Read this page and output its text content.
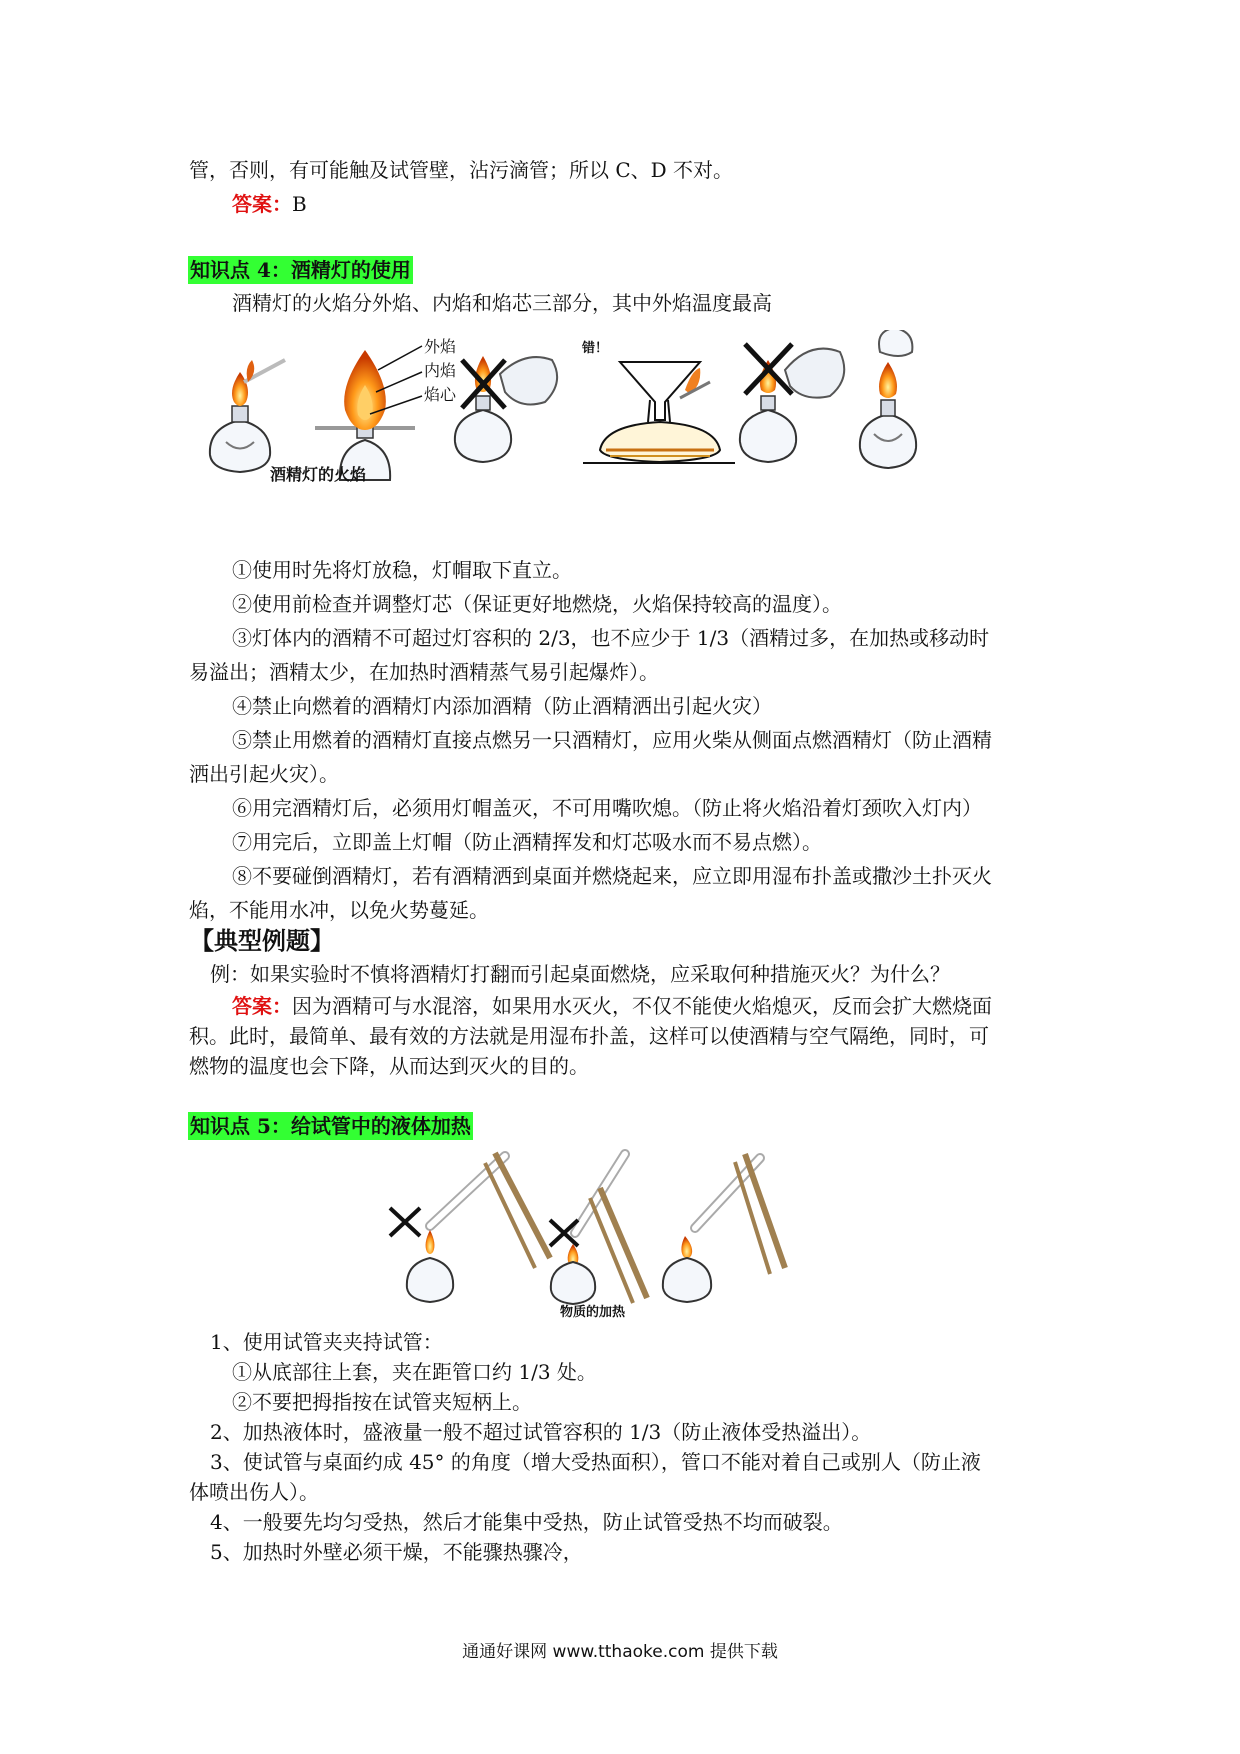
管，否则，有可能触及试管壁，沾污滴管；所以 C、D 不对。
答案：B
知识点 4：酒精灯的使用
酒精灯的火焰分外焰、内焰和焰芯三部分，其中外焰温度最高
外焰
内焰
焰心
酒精灯的火焰
错！
①使用时先将灯放稳，灯帽取下直立。
②使用前检查并调整灯芯（保证更好地燃烧，火焰保持较高的温度）。
③灯体内的酒精不可超过灯容积的 2/3，也不应少于 1/3（酒精过多，在加热或移动时
易溢出；酒精太少，在加热时酒精蒸气易引起爆炸）。
④禁止向燃着的酒精灯内添加酒精（防止酒精洒出引起火灾）
⑤禁止用燃着的酒精灯直接点燃另一只酒精灯，应用火柴从侧面点燃酒精灯（防止酒精
洒出引起火灾）。
⑥用完酒精灯后，必须用灯帽盖灭，不可用嘴吹熄。（防止将火焰沿着灯颈吹入灯内）
⑦用完后，立即盖上灯帽（防止酒精挥发和灯芯吸水而不易点燃）。
⑧不要碰倒酒精灯，若有酒精洒到桌面并燃烧起来，应立即用湿布扑盖或撒沙土扑灭火
焰，不能用水冲，以免火势蔓延。
【典型例题】
例：如果实验时不慎将酒精灯打翻而引起桌面燃烧，应采取何种措施灭火？为什么？
答案：因为酒精可与水混溶，如果用水灭火，不仅不能使火焰熄灭，反而会扩大燃烧面
积。此时，最简单、最有效的方法就是用湿布扑盖，这样可以使酒精与空气隔绝，同时，可
燃物的温度也会下降，从而达到灭火的目的。
知识点 5：给试管中的液体加热
物质的加热
1、使用试管夹夹持试管：
①从底部往上套，夹在距管口约 1/3 处。
②不要把拇指按在试管夹短柄上。
2、加热液体时，盛液量一般不超过试管容积的 1/3（防止液体受热溢出）。
3、使试管与桌面约成 45° 的角度（增大受热面积），管口不能对着自己或别人（防止液
体喷出伤人）。
4、一般要先均匀受热，然后才能集中受热，防止试管受热不均而破裂。
5、加热时外壁必须干燥，不能骤热骤冷，
通通好课网 www.tthaoke.com 提供下载
